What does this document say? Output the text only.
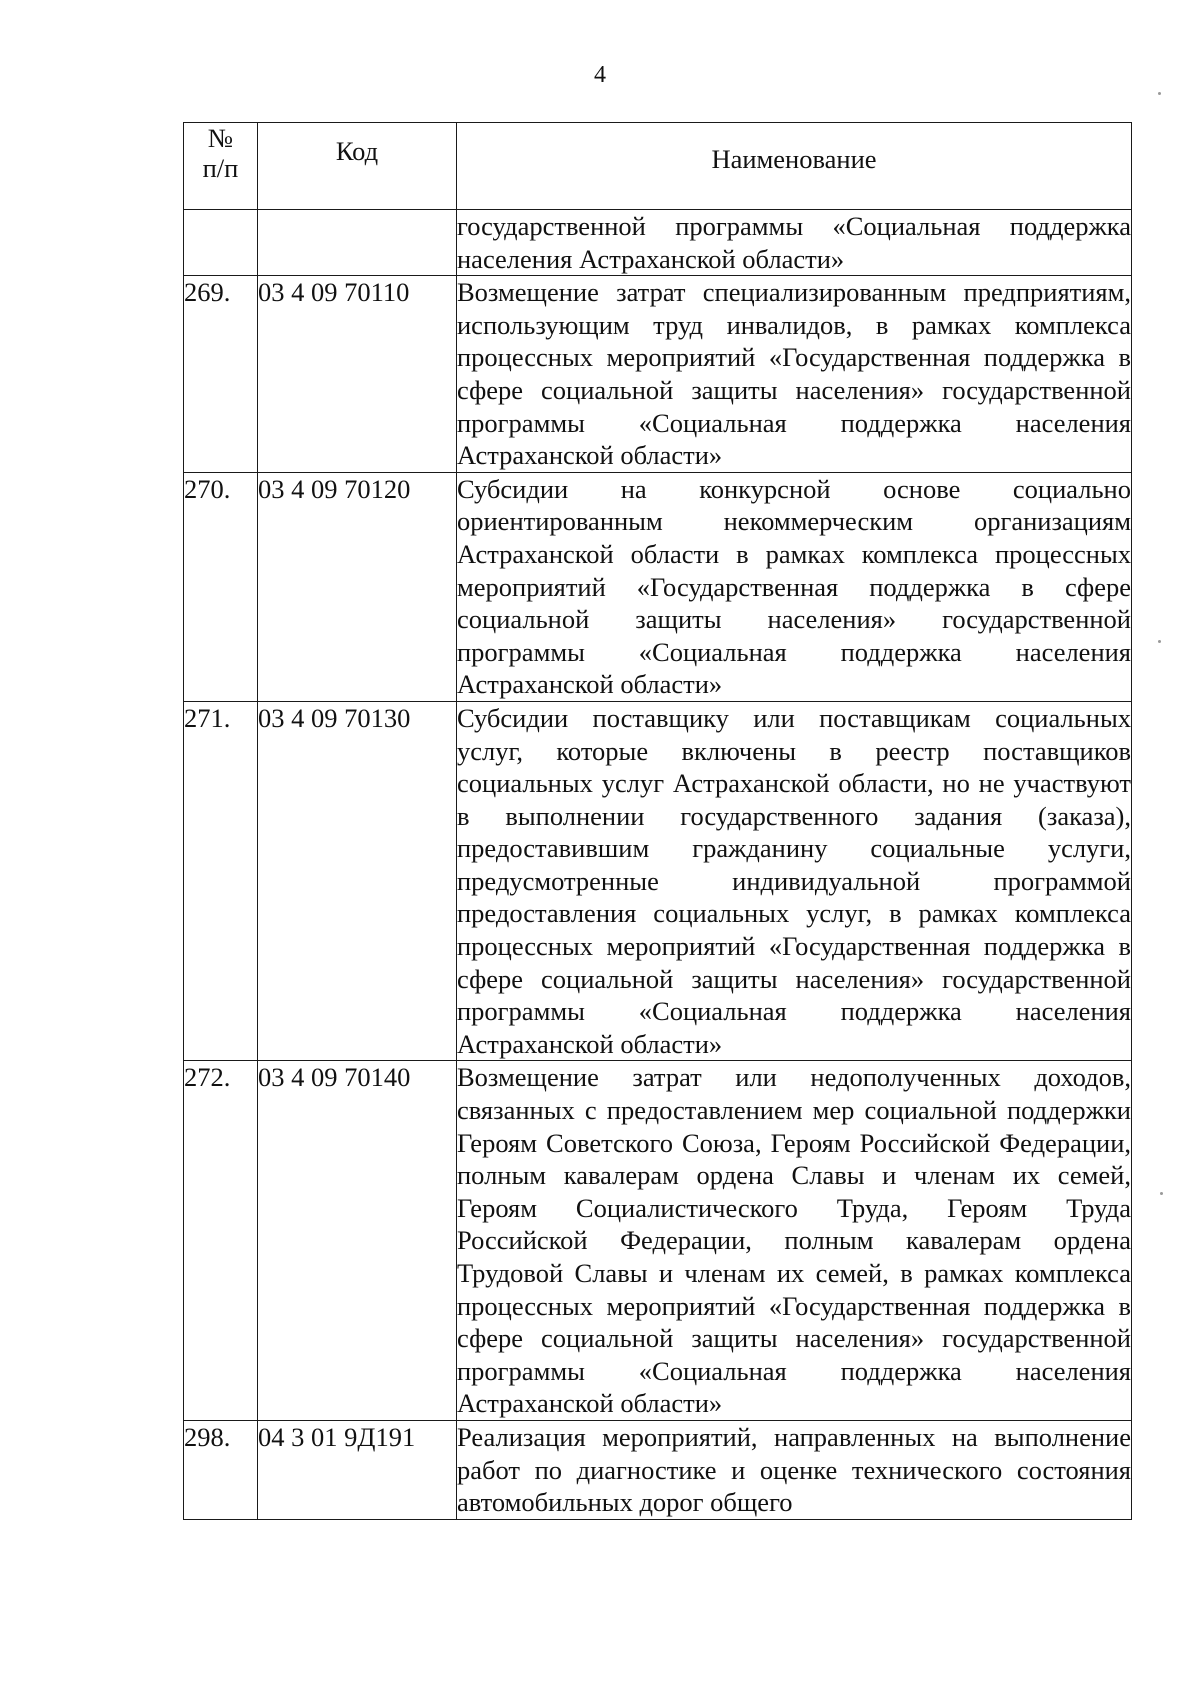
4
№
п/п	Код	Наименование
		государственной программы «Социальная поддержка населения Астраханской области»
269.	03 4 09 70110	Возмещение затрат специализированным предприятиям, использующим труд инвалидов, в рамках комплекса процессных мероприятий «Государственная поддержка в сфере социальной защиты населения» государственной программы «Социальная поддержка населения Астраханской области»
270.	03 4 09 70120	Субсидии на конкурсной основе социально ориентированным некоммерческим организациям Астраханской области в рамках комплекса процессных мероприятий «Государственная поддержка в сфере социальной защиты населения» государственной программы «Социальная поддержка населения Астраханской области»
271.	03 4 09 70130	Субсидии поставщику или поставщикам социальных услуг, которые включены в реестр поставщиков социальных услуг Астраханской области, но не участвуют в выполнении государственного задания (заказа), предоставившим гражданину социальные услуги, предусмотренные индивидуальной программой предоставления социальных услуг, в рамках комплекса процессных мероприятий «Государственная поддержка в сфере социальной защиты населения» государственной программы «Социальная поддержка населения Астраханской области»
272.	03 4 09 70140	Возмещение затрат или недополученных доходов, связанных с предоставлением мер социальной поддержки Героям Советского Союза, Героям Российской Федерации, полным кавалерам ордена Славы и членам их семей, Героям Социалистического Труда, Героям Труда Российской Федерации, полным кавалерам ордена Трудовой Славы и членам их семей, в рамках комплекса процессных мероприятий «Государственная поддержка в сфере социальной защиты населения» государственной программы «Социальная поддержка населения Астраханской области»
298.	04 3 01 9Д191	Реализация мероприятий, направленных на выполнение работ по диагностике и оценке технического состояния автомобильных дорог общего
